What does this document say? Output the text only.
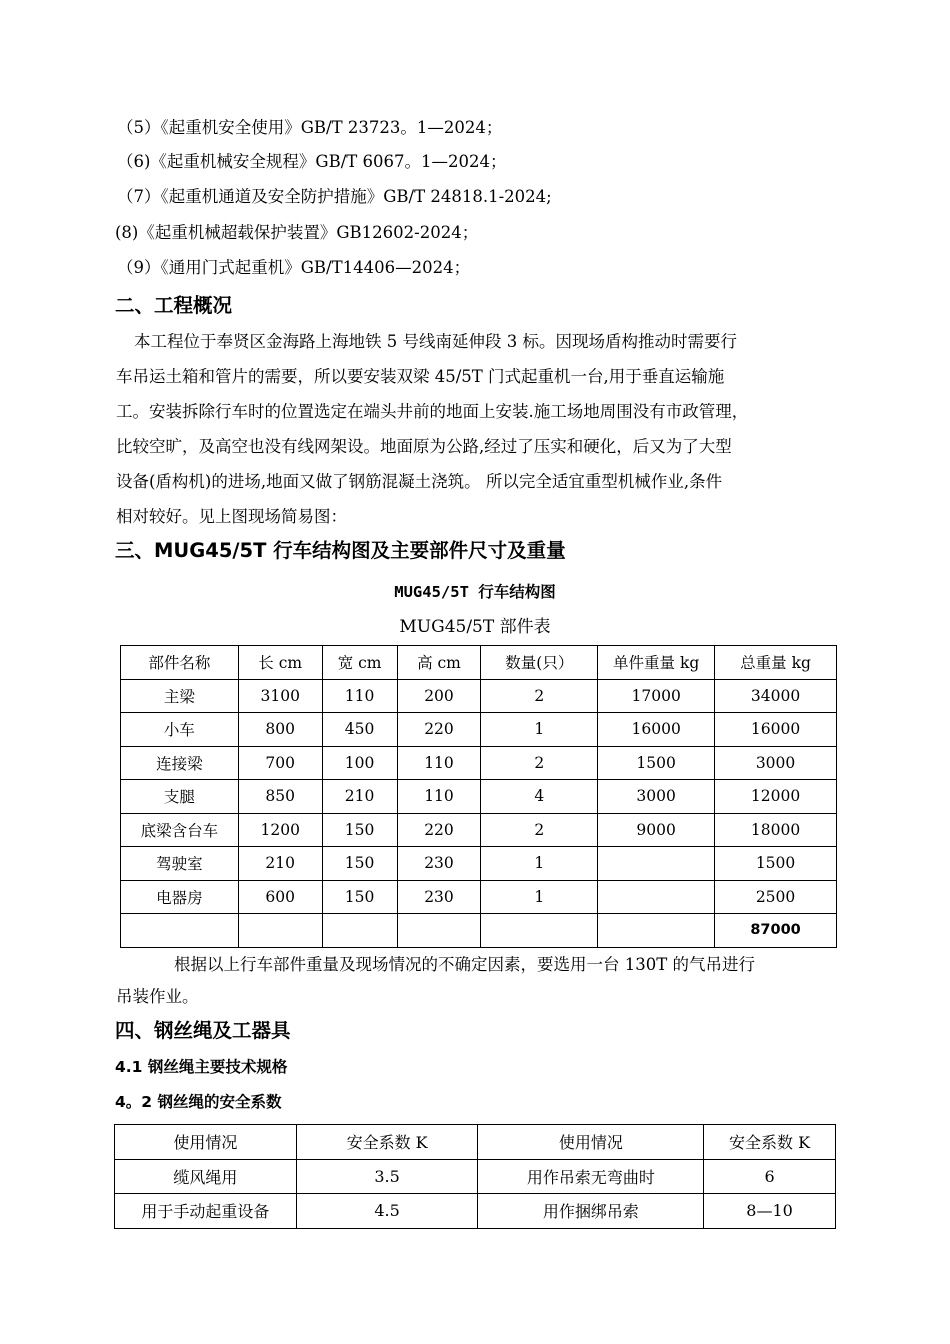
（5）《起重机安全使用》GB/T 23723。1—2024；
（6)《起重机械安全规程》GB/T 6067。1—2024；
（7）《起重机通道及安全防护措施》GB/T 24818.1-2024;
(8)《起重机械超载保护装置》GB12602-2024；
（9）《通用门式起重机》GB/T14406—2024；
二、工程概况
本工程位于奉贤区金海路上海地铁 5 号线南延伸段 3 标。因现场盾构推动时需要行
车吊运土箱和管片的需要，所以要安装双梁 45/5T 门式起重机一台,用于垂直运输施
工。安装拆除行车时的位置选定在端头井前的地面上安装.施工场地周围没有市政管理，
比较空旷，及高空也没有线网架设。地面原为公路,经过了压实和硬化，后又为了大型
设备(盾构机)的进场,地面又做了钢筋混凝土浇筑。 所以完全适宜重型机械作业,条件
相对较好。见上图现场简易图：
三、MUG45/5T 行车结构图及主要部件尺寸及重量
MUG45/5T 行车结构图
MUG45/5T 部件表
部件名称	长 cm	宽 cm	高 cm	数量(只）	单件重量 kg	总重量 kg
主梁	3100	110	200	2	17000	34000
小车	800	450	220	1	16000	16000
连接梁	700	100	110	2	1500	3000
支腿	850	210	110	4	3000	12000
底梁含台车	1200	150	220	2	9000	18000
驾驶室	210	150	230	1		1500
电器房	600	150	230	1		2500
						87000
根据以上行车部件重量及现场情况的不确定因素，要选用一台 130T 的气吊进行
吊装作业。
四、钢丝绳及工器具
4.1 钢丝绳主要技术规格
4。2 钢丝绳的安全系数
使用情况	安全系数 K	使用情况	安全系数 K
缆风绳用	3.5	用作吊索无弯曲时	6
用于手动起重设备	4.5	用作捆绑吊索	8—10
